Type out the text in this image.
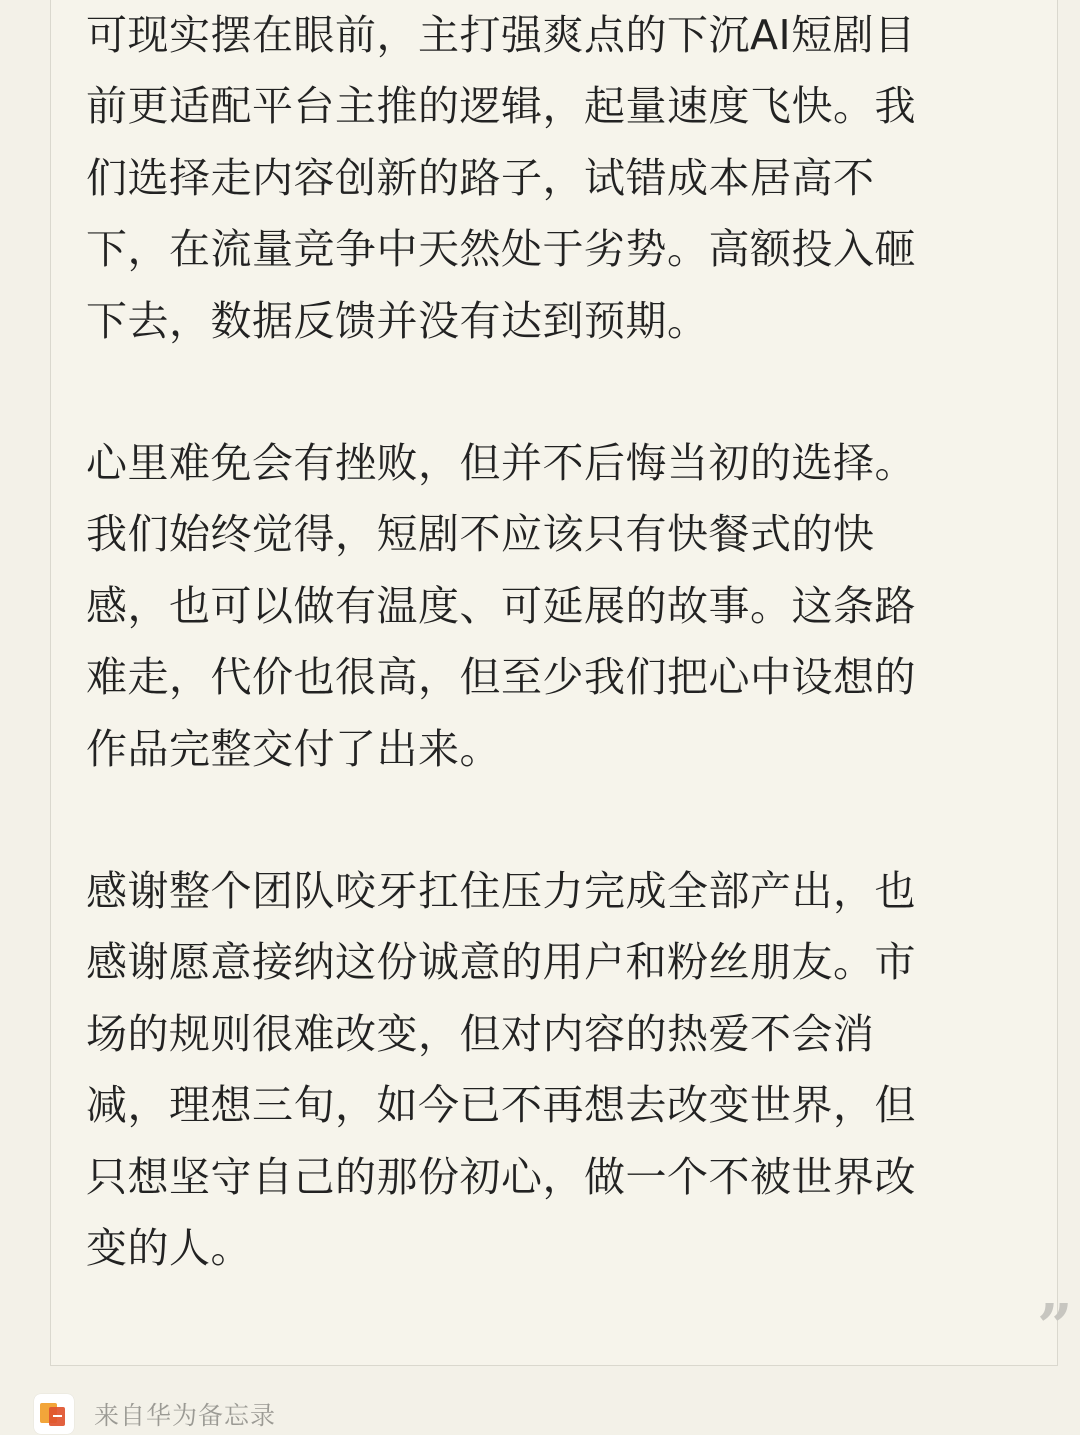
可现实摆在眼前，主打强爽点的下沉AI短剧目前更适配平台主推的逻辑，起量速度飞快。我们选择走内容创新的路子，试错成本居高不下，在流量竞争中天然处于劣势。高额投入砸下去，数据反馈并没有达到预期。

心里难免会有挫败，但并不后悔当初的选择。我们始终觉得，短剧不应该只有快餐式的快感，也可以做有温度、可延展的故事。这条路难走，代价也很高，但至少我们把心中设想的作品完整交付了出来。

感谢整个团队咬牙扛住压力完成全部产出，也感谢愿意接纳这份诚意的用户和粉丝朋友。市场的规则很难改变，但对内容的热爱不会消减，理想三旬，如今已不再想去改变世界，但只想坚守自己的那份初心，做一个不被世界改变的人。

”
来自华为备忘录
